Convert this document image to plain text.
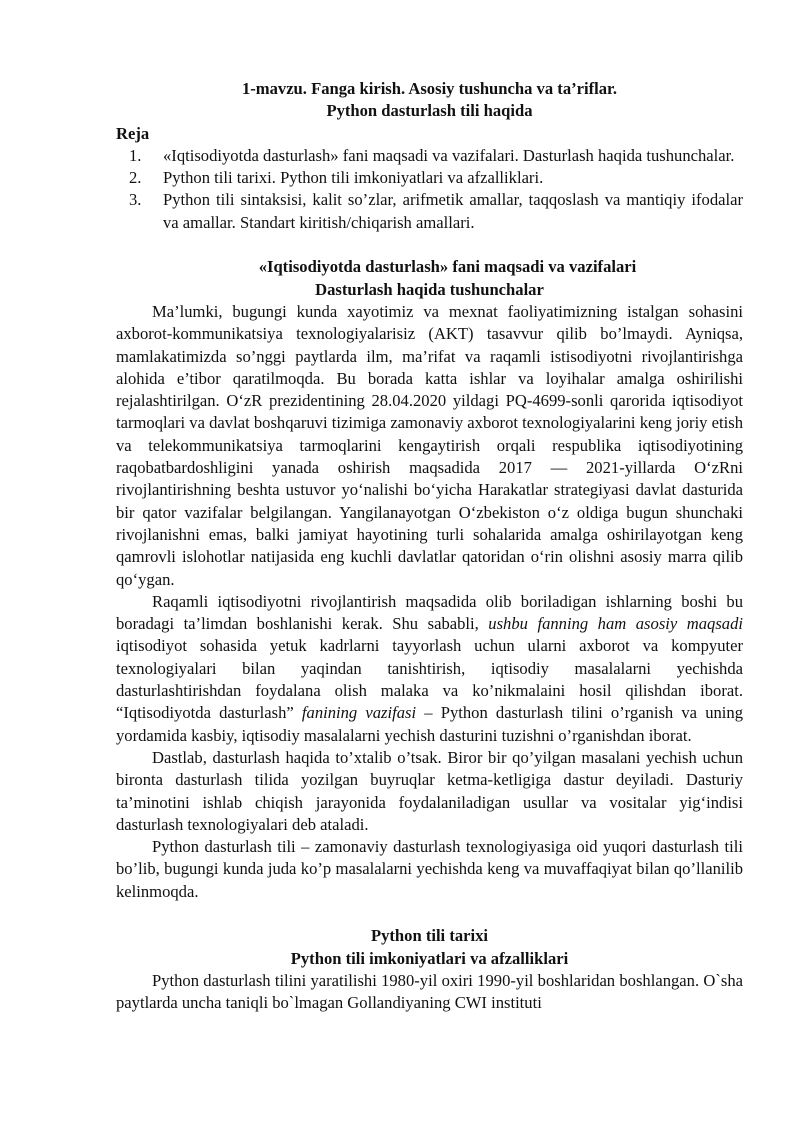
1-mavzu. Fanga kirish. Asosiy tushuncha va ta’riflar.
Python dasturlash tili haqida
Reja
1. «Iqtisodiyotda dasturlash» fani maqsadi va vazifalari. Dasturlash haqida tushunchalar.
2. Python tili tarixi. Python tili imkoniyatlari va afzalliklari.
3. Python tili sintaksisi, kalit so’zlar, arifmetik amallar, taqqoslash va mantiqiy ifodalar va amallar. Standart kiritish/chiqarish amallari.
«Iqtisodiyotda dasturlash» fani maqsadi va vazifalari
Dasturlash haqida tushunchalar

Ma’lumki, bugungi kunda xayotimiz va mexnat faoliyatimizning istalgan sohasini axborot-kommunikatsiya texnologiyalarisiz (AKT) tasavvur qilib bo’lmaydi. Ayniqsa, mamlakatimizda so’nggi paytlarda ilm, ma’rifat va raqamli istisodiyotni rivojlantirishga alohida e’tibor qaratilmoqda. Bu borada katta ishlar va loyihalar amalga oshirilishi rejalashtirilgan. O‘zR prezidentining 28.04.2020 yildagi PQ-4699-sonli qarorida iqtisodiyot tarmoqlari va davlat boshqaruvi tizimiga zamonaviy axborot texnologiyalarini keng joriy etish va telekommunikatsiya tarmoqlarini kengaytirish orqali respublika iqtisodiyotining raqobatbardoshligini yanada oshirish maqsadida 2017 — 2021-yillarda O‘zRni rivojlantirishning beshta ustuvor yo‘nalishi bo‘yicha Harakatlar strategiyasi davlat dasturida bir qator vazifalar belgilangan. Yangilanayotgan O‘zbekiston o‘z oldiga bugun shunchaki rivojlanishni emas, balki jamiyat hayotining turli sohalarida amalga oshirilayotgan keng qamrovli islohotlar natijasida eng kuchli davlatlar qatoridan o‘rin olishni asosiy marra qilib qo‘ygan.

Raqamli iqtisodiyotni rivojlantirish maqsadida olib boriladigan ishlarning boshi bu boradagi ta’limdan boshlanishi kerak. Shu sababli, ushbu fanning ham asosiy maqsadi iqtisodiyot sohasida yetuk kadrlarni tayyorlash uchun ularni axborot va kompyuter texnologiyalari bilan yaqindan tanishtirish, iqtisodiy masalalarni yechishda dasturlashtirishdan foydalana olish malaka va ko’nikmalaini hosil qilishdan iborat. “Iqtisodiyotda dasturlash” fanining vazifasi – Python dasturlash tilini o’rganish va uning yordamida kasbiy, iqtisodiy masalalarni yechish dasturini tuzishni o’rganishdan iborat.

Dastlab, dasturlash haqida to’xtalib o’tsak. Biror bir qo’yilgan masalani yechish uchun bironta dasturlash tilida yozilgan buyruqlar ketma-ketligiga dastur deyiladi. Dasturiy ta’minotini ishlab chiqish jarayonida foydalaniladigan usullar va vositalar yig‘indisi dasturlash texnologiyalari deb ataladi.

Python dasturlash tili – zamonaviy dasturlash texnologiyasiga oid yuqori dasturlash tili bo’lib, bugungi kunda juda ko’p masalalarni yechishda keng va muvaffaqiyat bilan qo’llanilib kelinmoqda.

Python tili tarixi
Python tili imkoniyatlari va afzalliklari

Python dasturlash tilini yaratilishi 1980-yil oxiri 1990-yil boshlaridan boshlangan. O`sha paytlarda uncha taniqli bo`lmagan Gollandiyaning CWI instituti
